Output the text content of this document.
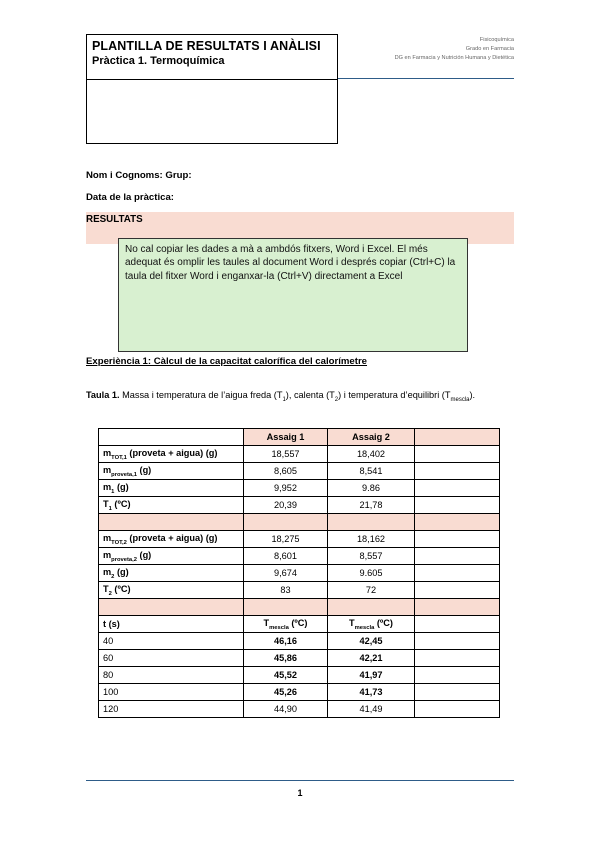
PLANTILLA DE RESULTATS I ANÀLISI
Pràctica 1. Termoquímica
Fisicoquímica
Grado en Farmacia
DG en Farmacia y Nutrición Humana y Dietética
Nom i Cognoms: Grup:
Data de la pràctica:
RESULTATS
No cal copiar les dades a mà a ambdós fitxers, Word i Excel. El més adequat és omplir les taules al document Word i després copiar (Ctrl+C) la taula del fitxer Word i enganxar-la (Ctrl+V) directament a Excel
Experiència 1: Càlcul de la capacitat calorífica del calorímetre
Taula 1. Massa i temperatura de l’aigua freda $(T_1)$, calenta $(T_2)$ i temperatura d’equilibri $(T_{mescla})$.
	Assaig 1	Assaig 2	
$m_{TOT,1}$ (proveta + aigua) (g)	18,557	18,402	
$m_{proveta,1}$ (g)	8,605	8,541	
$m_1$ (g)	9,952	9.86	
$T_1$ (ºC)	20,39	21,78	

$m_{TOT,2}$ (proveta + aigua) (g)	18,275	18,162	
$m_{proveta,2}$ (g)	8,601	8,557	
$m_2$ (g)	9,674	9.605	
$T_2$ (ºC)	83	72	

t (s)	$T_{mescla}$ (ºC)	$T_{mescla}$ (ºC)	
40	46,16	42,45	
60	45,86	42,21	
80	45,52	41,97	
100	45,26	41,73	
120	44,90	41,49	
1
